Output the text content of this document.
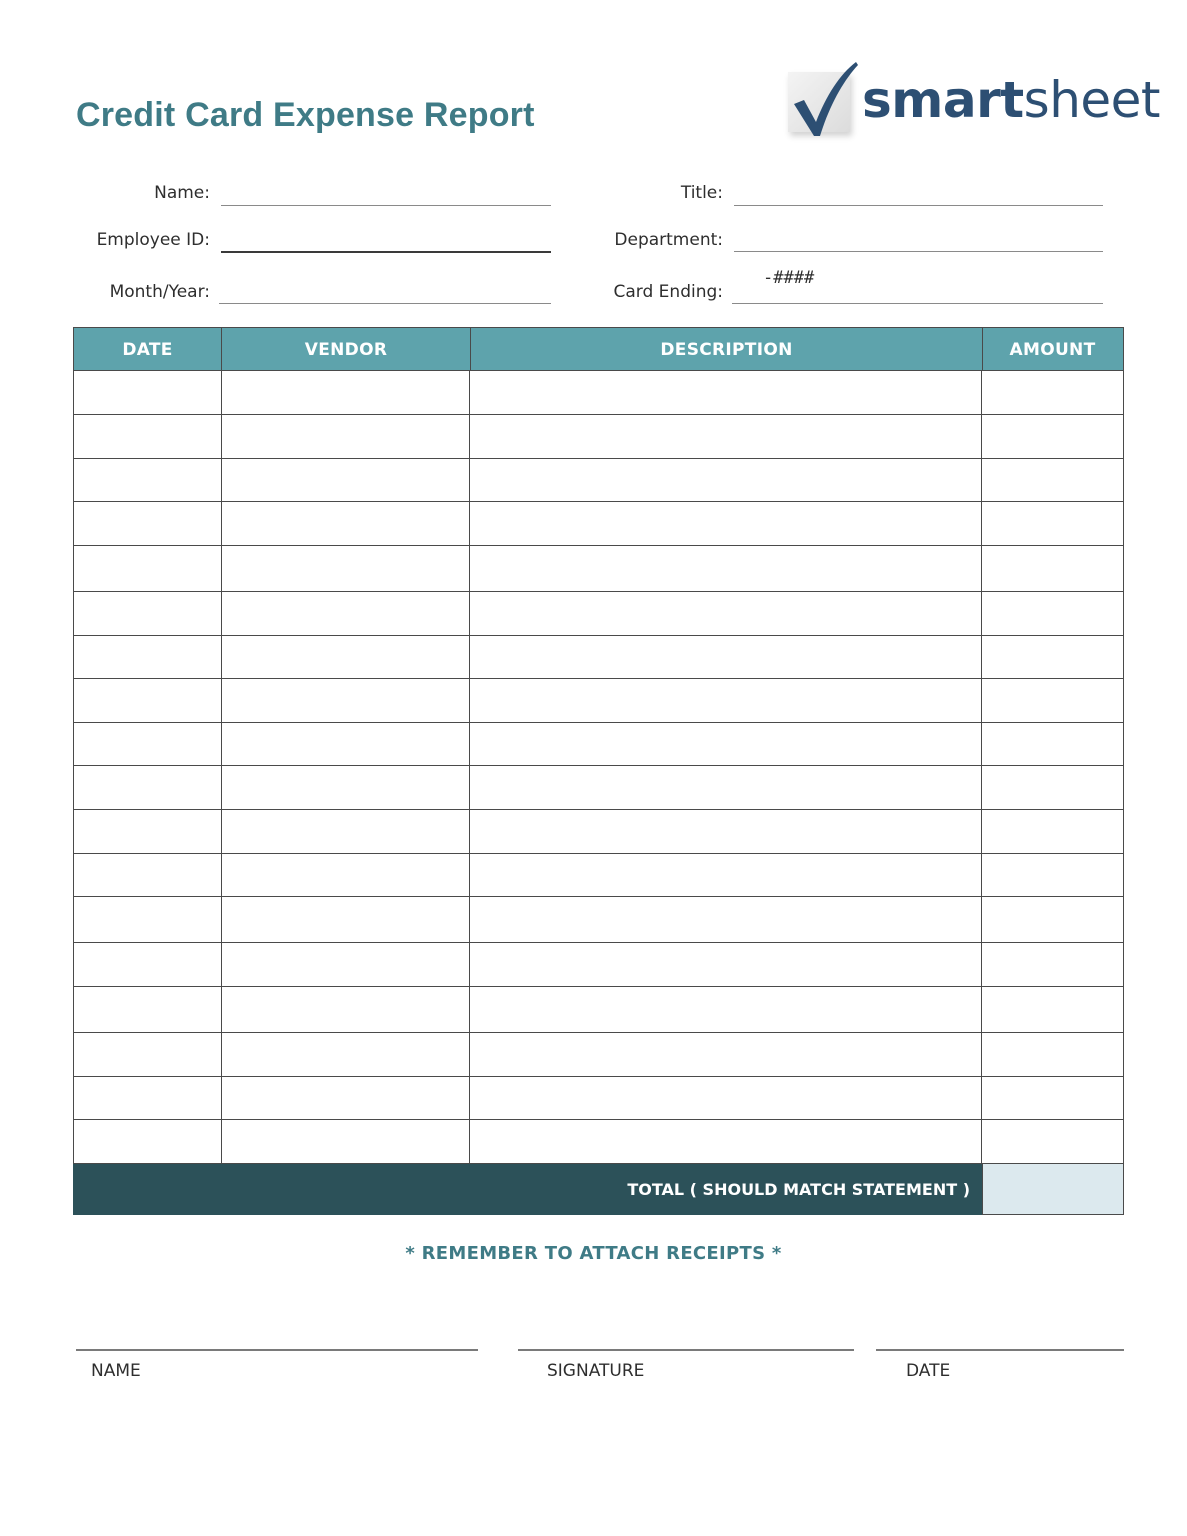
Credit Card Expense Report	smartsheet
Name:
Employee ID:
Month/Year:
Title:
Department:
Card Ending:
-####
DATE	VENDOR	DESCRIPTION	AMOUNT
TOTAL ( SHOULD MATCH STATEMENT )
* REMEMBER TO ATTACH RECEIPTS *
NAME	SIGNATURE	DATE
